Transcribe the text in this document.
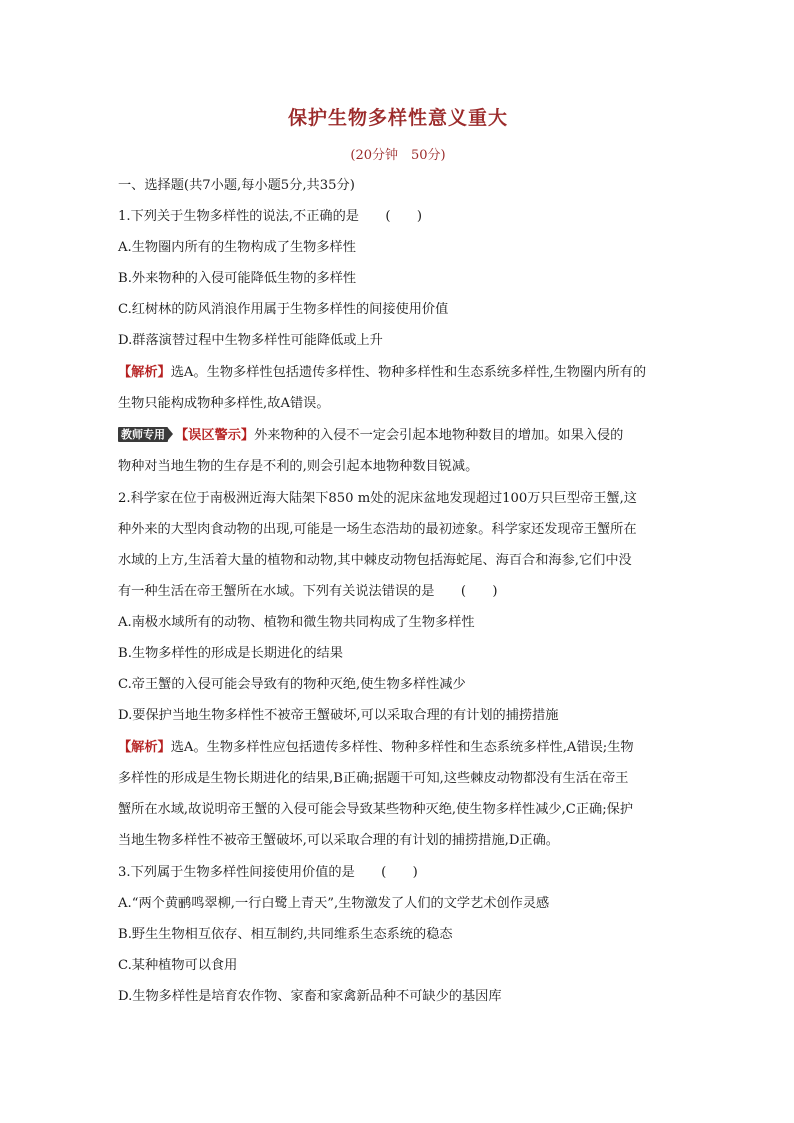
保护生物多样性意义重大
(20分钟　50分)
一、选择题(共7小题,每小题5分,共35分)
1.下列关于生物多样性的说法,不正确的是　　(　　)
A.生物圈内所有的生物构成了生物多样性
B.外来物种的入侵可能降低生物的多样性
C.红树林的防风消浪作用属于生物多样性的间接使用价值
D.群落演替过程中生物多样性可能降低或上升
【解析】选A。生物多样性包括遗传多样性、物种多样性和生态系统多样性,生物圈内所有的
生物只能构成物种多样性,故A错误。
教师专用 【误区警示】外来物种的入侵不一定会引起本地物种数目的增加。如果入侵的
物种对当地生物的生存是不利的,则会引起本地物种数目锐减。
2.科学家在位于南极洲近海大陆架下850 m处的泥床盆地发现超过100万只巨型帝王蟹,这
种外来的大型肉食动物的出现,可能是一场生态浩劫的最初迹象。科学家还发现帝王蟹所在
水域的上方,生活着大量的植物和动物,其中棘皮动物包括海蛇尾、海百合和海参,它们中没
有一种生活在帝王蟹所在水域。下列有关说法错误的是　　(　　)
A.南极水域所有的动物、植物和微生物共同构成了生物多样性
B.生物多样性的形成是长期进化的结果
C.帝王蟹的入侵可能会导致有的物种灭绝,使生物多样性减少
D.要保护当地生物多样性不被帝王蟹破坏,可以采取合理的有计划的捕捞措施
【解析】选A。生物多样性应包括遗传多样性、物种多样性和生态系统多样性,A错误;生物
多样性的形成是生物长期进化的结果,B正确;据题干可知,这些棘皮动物都没有生活在帝王
蟹所在水域,故说明帝王蟹的入侵可能会导致某些物种灭绝,使生物多样性减少,C正确;保护
当地生物多样性不被帝王蟹破坏,可以采取合理的有计划的捕捞措施,D正确。
3.下列属于生物多样性间接使用价值的是　　(　　)
A.“两个黄鹂鸣翠柳,一行白鹭上青天”,生物激发了人们的文学艺术创作灵感
B.野生生物相互依存、相互制约,共同维系生态系统的稳态
C.某种植物可以食用
D.生物多样性是培育农作物、家畜和家禽新品种不可缺少的基因库
